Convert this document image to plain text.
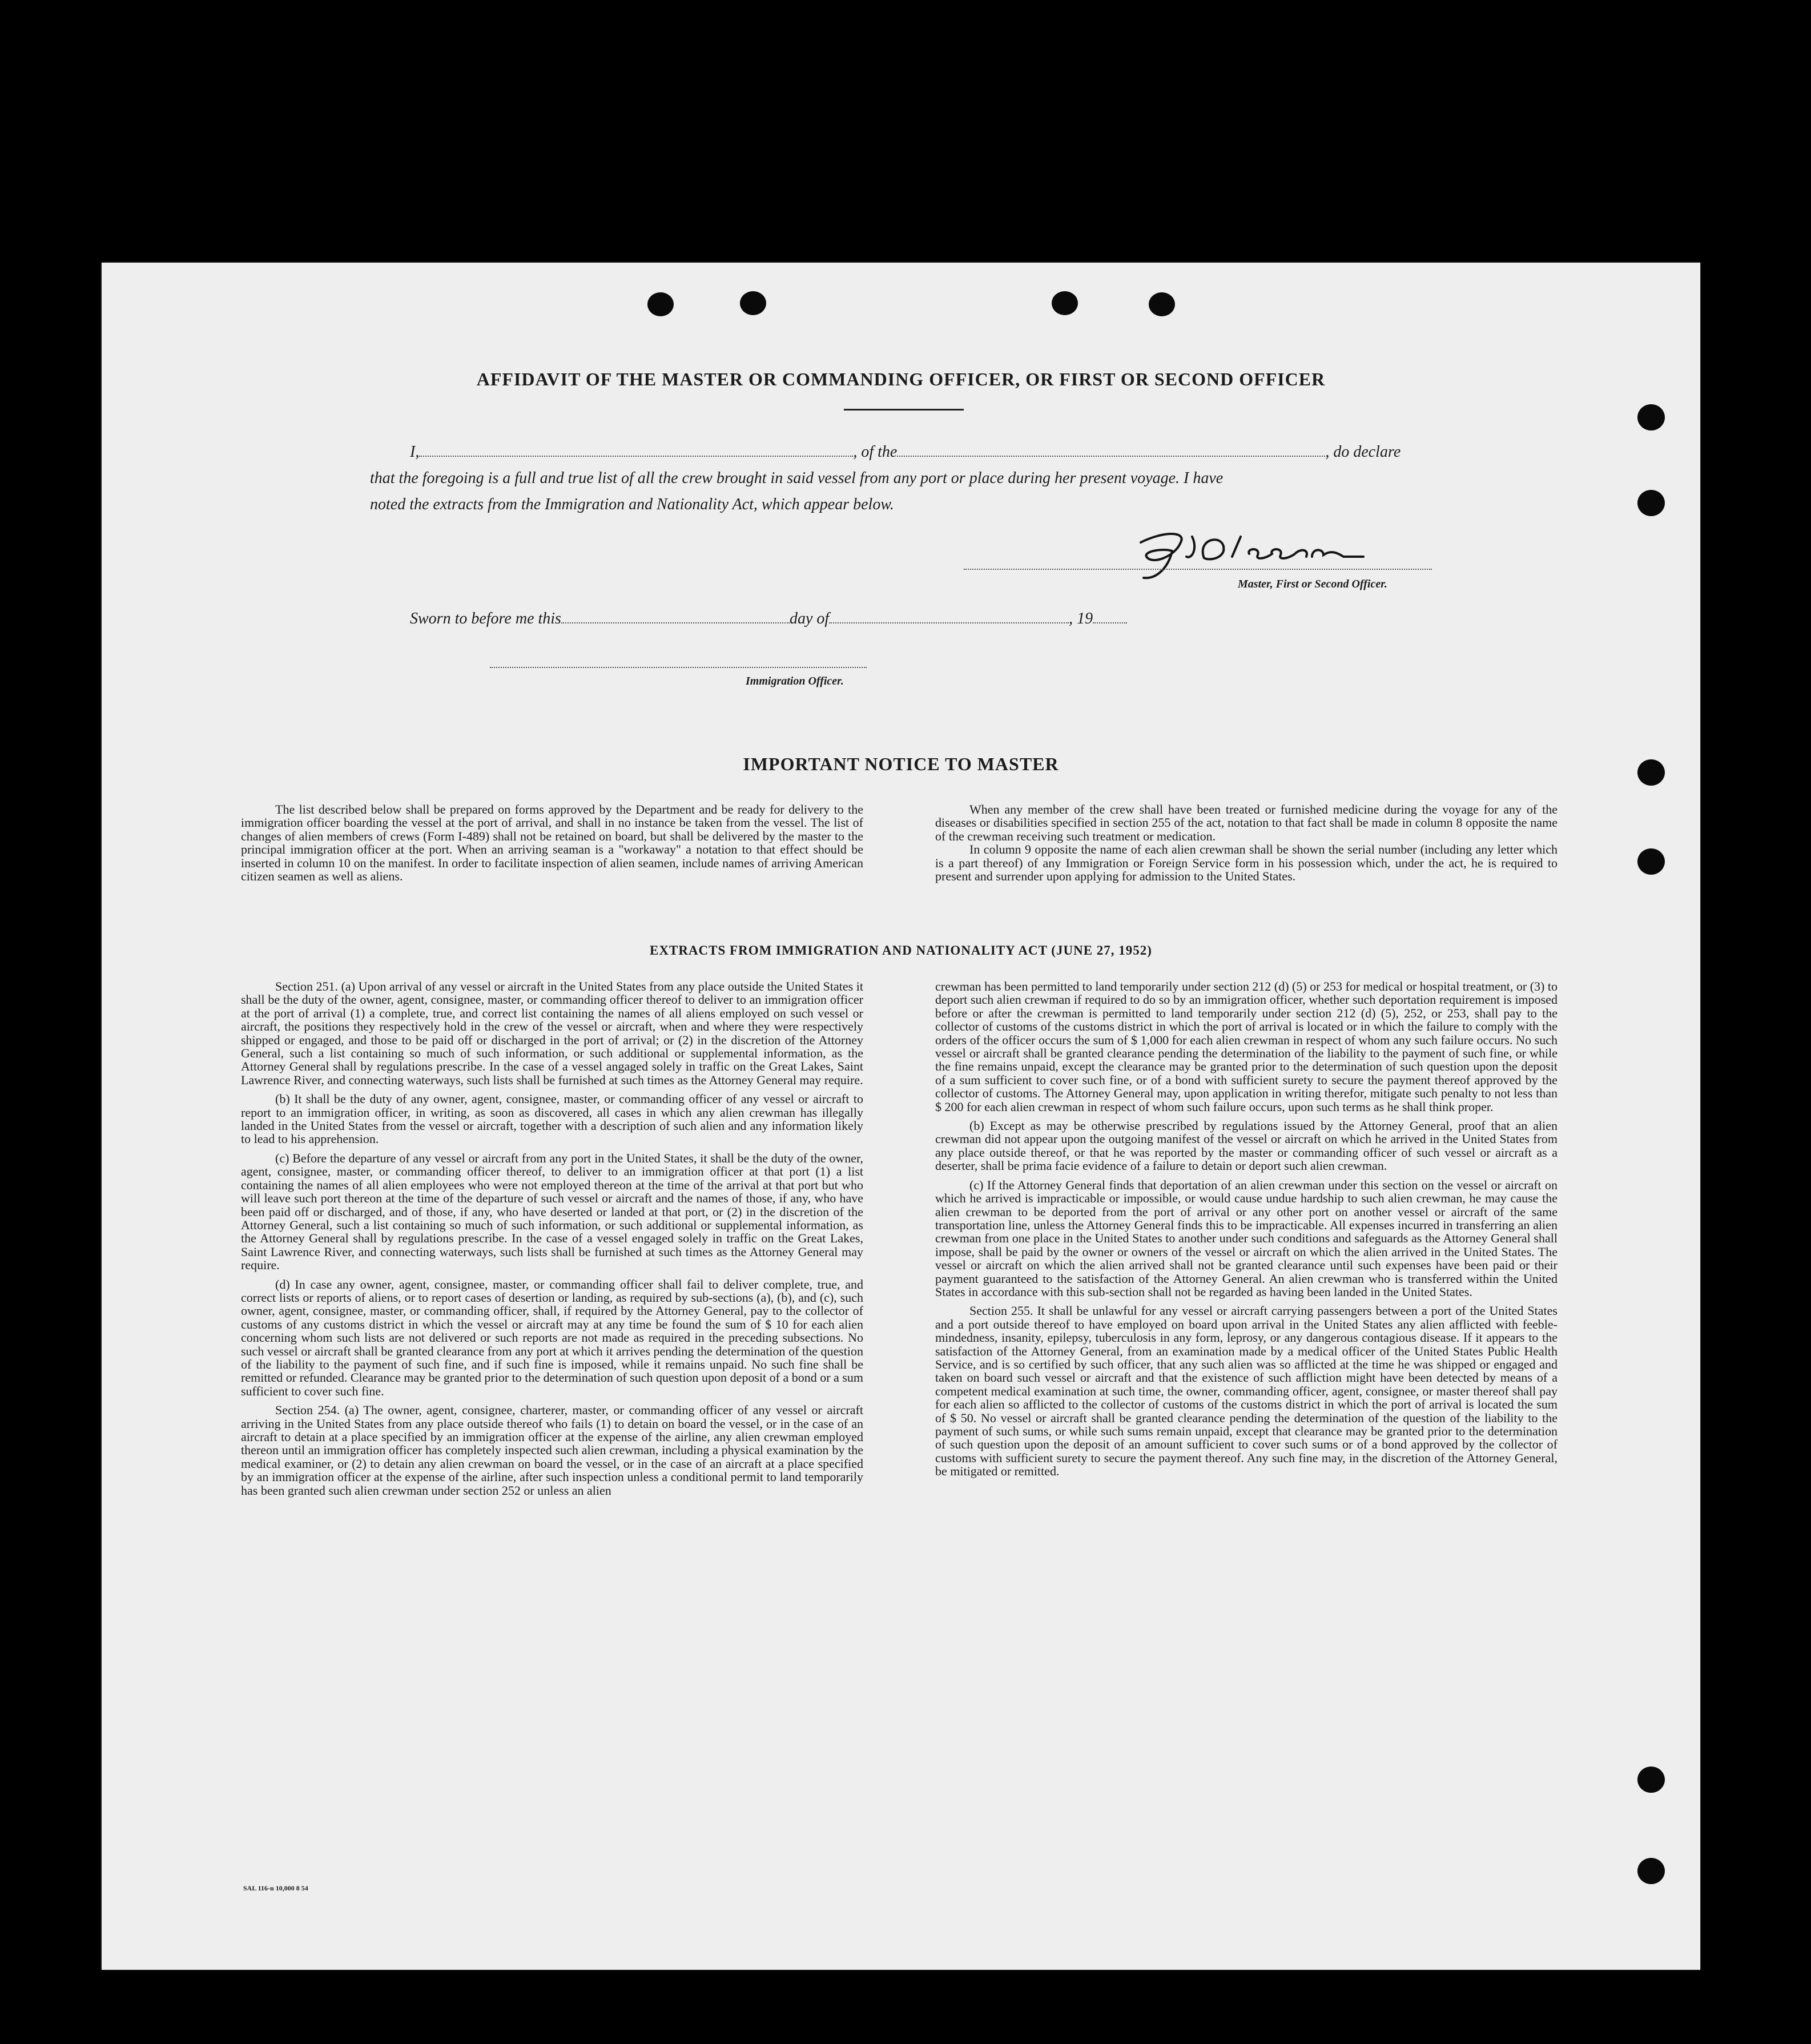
AFFIDAVIT OF THE MASTER OR COMMANDING OFFICER, OR FIRST OR SECOND OFFICER
I,	, of the	, do declare
that the foregoing is a full and true list of all the crew brought in said vessel from any port or place during her present voyage. I have
noted the extracts from the Immigration and Nationality Act, which appear below.
Master, First or Second Officer.
Sworn to before me this	day of	, 19
Immigration Officer.
IMPORTANT NOTICE TO MASTER

The list described below shall be prepared on forms approved by the Department and be ready for delivery to the immigration officer boarding the vessel at the port of arrival, and shall in no instance be taken from the vessel. The list of changes of alien members of crews (Form I-489) shall not be retained on board, but shall be delivered by the master to the principal immigration officer at the port. When an arriving seaman is a "workaway" a notation to that effect should be inserted in column 10 on the manifest. In order to facilitate inspection of alien seamen, include names of arriving American citizen seamen as well as aliens.

When any member of the crew shall have been treated or furnished medicine during the voyage for any of the diseases or disabilities specified in section 255 of the act, notation to that fact shall be made in column 8 opposite the name of the crewman receiving such treatment or medication.

In column 9 opposite the name of each alien crewman shall be shown the serial number (including any letter which is a part thereof) of any Immigration or Foreign Service form in his possession which, under the act, he is required to present and surrender upon applying for admission to the United States.

EXTRACTS FROM IMMIGRATION AND NATIONALITY ACT (JUNE 27, 1952)

Section 251. (a) Upon arrival of any vessel or aircraft in the United States from any place outside the United States it shall be the duty of the owner, agent, consignee, master, or commanding officer thereof to deliver to an immigration officer at the port of arrival (1) a complete, true, and correct list containing the names of all aliens employed on such vessel or aircraft, the positions they respectively hold in the crew of the vessel or aircraft, when and where they were respectively shipped or engaged, and those to be paid off or discharged in the port of arrival; or (2) in the discretion of the Attorney General, such a list containing so much of such information, or such additional or supplemental information, as the Attorney General shall by regulations prescribe. In the case of a vessel angaged solely in traffic on the Great Lakes, Saint Lawrence River, and connecting waterways, such lists shall be furnished at such times as the Attorney General may require.

(b) It shall be the duty of any owner, agent, consignee, master, or commanding officer of any vessel or aircraft to report to an immigration officer, in writing, as soon as discovered, all cases in which any alien crewman has illegally landed in the United States from the vessel or aircraft, together with a description of such alien and any information likely to lead to his apprehension.

(c) Before the departure of any vessel or aircraft from any port in the United States, it shall be the duty of the owner, agent, consignee, master, or commanding officer thereof, to deliver to an immigration officer at that port (1) a list containing the names of all alien employees who were not employed thereon at the time of the arrival at that port but who will leave such port thereon at the time of the departure of such vessel or aircraft and the names of those, if any, who have been paid off or discharged, and of those, if any, who have deserted or landed at that port, or (2) in the discretion of the Attorney General, such a list containing so much of such information, or such additional or supplemental information, as the Attorney General shall by regulations prescribe. In the case of a vessel engaged solely in traffic on the Great Lakes, Saint Lawrence River, and connecting waterways, such lists shall be furnished at such times as the Attorney General may require.

(d) In case any owner, agent, consignee, master, or commanding officer shall fail to deliver complete, true, and correct lists or reports of aliens, or to report cases of desertion or landing, as required by sub-sections (a), (b), and (c), such owner, agent, consignee, master, or commanding officer, shall, if required by the Attorney General, pay to the collector of customs of any customs district in which the vessel or aircraft may at any time be found the sum of $ 10 for each alien concerning whom such lists are not delivered or such reports are not made as required in the preceding subsections. No such vessel or aircraft shall be granted clearance from any port at which it arrives pending the determination of the question of the liability to the payment of such fine, and if such fine is imposed, while it remains unpaid. No such fine shall be remitted or refunded. Clearance may be granted prior to the determination of such question upon deposit of a bond or a sum sufficient to cover such fine.

Section 254. (a) The owner, agent, consignee, charterer, master, or commanding officer of any vessel or aircraft arriving in the United States from any place outside thereof who fails (1) to detain on board the vessel, or in the case of an aircraft to detain at a place specified by an immigration officer at the expense of the airline, any alien crewman employed thereon until an immigration officer has completely inspected such alien crewman, including a physical examination by the medical examiner, or (2) to detain any alien crewman on board the vessel, or in the case of an aircraft at a place specified by an immigration officer at the expense of the airline, after such inspection unless a conditional permit to land temporarily has been granted such alien crewman under section 252 or unless an alien

crewman has been permitted to land temporarily under section 212 (d) (5) or 253 for medical or hospital treatment, or (3) to deport such alien crewman if required to do so by an immigration officer, whether such deportation requirement is imposed before or after the crewman is permitted to land temporarily under section 212 (d) (5), 252, or 253, shall pay to the collector of customs of the customs district in which the port of arrival is located or in which the failure to comply with the orders of the officer occurs the sum of $ 1,000 for each alien crewman in respect of whom any such failure occurs. No such vessel or aircraft shall be granted clearance pending the determination of the liability to the payment of such fine, or while the fine remains unpaid, except the clearance may be granted prior to the determination of such question upon the deposit of a sum sufficient to cover such fine, or of a bond with sufficient surety to secure the payment thereof approved by the collector of customs. The Attorney General may, upon application in writing therefor, mitigate such penalty to not less than $ 200 for each alien crewman in respect of whom such failure occurs, upon such terms as he shall think proper.

(b) Except as may be otherwise prescribed by regulations issued by the Attorney General, proof that an alien crewman did not appear upon the outgoing manifest of the vessel or aircraft on which he arrived in the United States from any place outside thereof, or that he was reported by the master or commanding officer of such vessel or aircraft as a deserter, shall be prima facie evidence of a failure to detain or deport such alien crewman.

(c) If the Attorney General finds that deportation of an alien crewman under this section on the vessel or aircraft on which he arrived is impracticable or impossible, or would cause undue hardship to such alien crewman, he may cause the alien crewman to be deported from the port of arrival or any other port on another vessel or aircraft of the same transportation line, unless the Attorney General finds this to be impracticable. All expenses incurred in transferring an alien crewman from one place in the United States to another under such conditions and safeguards as the Attorney General shall impose, shall be paid by the owner or owners of the vessel or aircraft on which the alien arrived in the United States. The vessel or aircraft on which the alien arrived shall not be granted clearance until such expenses have been paid or their payment guaranteed to the satisfaction of the Attorney General. An alien crewman who is transferred within the United States in accordance with this sub-section shall not be regarded as having been landed in the United States.

Section 255. It shall be unlawful for any vessel or aircraft carrying passengers between a port of the United States and a port outside thereof to have employed on board upon arrival in the United States any alien afflicted with feeble-mindedness, insanity, epilepsy, tuberculosis in any form, leprosy, or any dangerous contagious disease. If it appears to the satisfaction of the Attorney General, from an examination made by a medical officer of the United States Public Health Service, and is so certified by such officer, that any such alien was so afflicted at the time he was shipped or engaged and taken on board such vessel or aircraft and that the existence of such affliction might have been detected by means of a competent medical examination at such time, the owner, commanding officer, agent, consignee, or master thereof shall pay for each alien so afflicted to the collector of customs of the customs district in which the port of arrival is located the sum of $ 50. No vessel or aircraft shall be granted clearance pending the determination of the question of the liability to the payment of such sums, or while such sums remain unpaid, except that clearance may be granted prior to the determination of such question upon the deposit of an amount sufficient to cover such sums or of a bond approved by the collector of customs with sufficient surety to secure the payment thereof. Any such fine may, in the discretion of the Attorney General, be mitigated or remitted.

SAL 116-n 10,000 8 54
